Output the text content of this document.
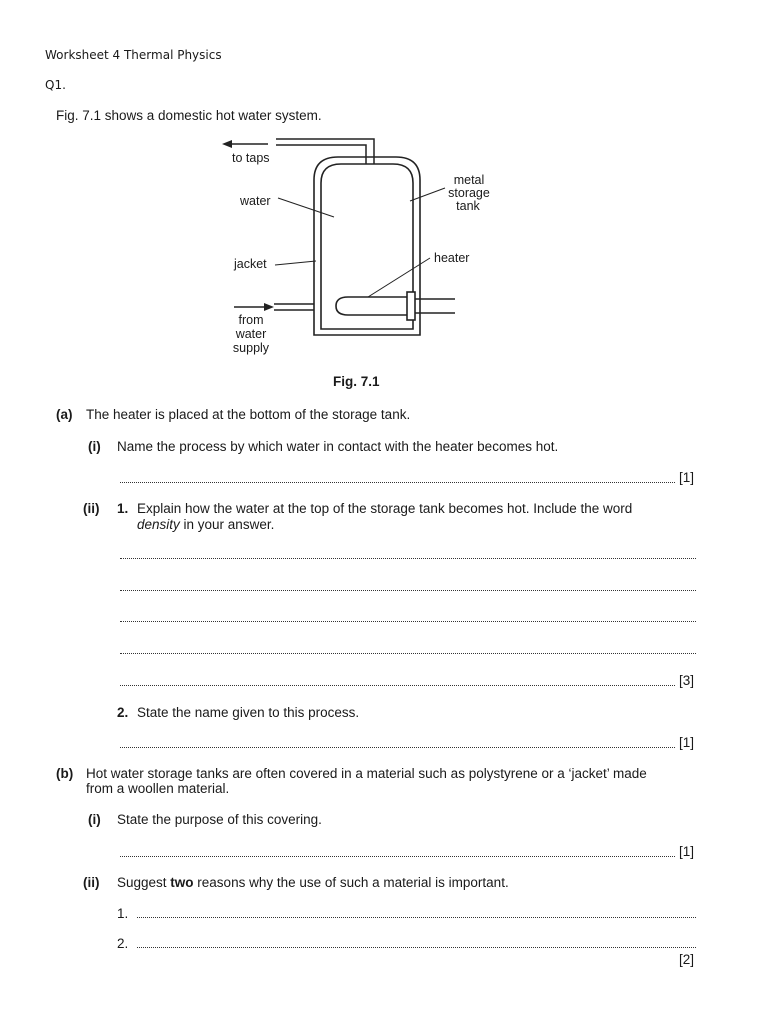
Worksheet 4 Thermal Physics
Q1.
Fig. 7.1 shows a domestic hot water system.
to taps
water
metal
storage
tank
jacket	heater
from
water
supply
Fig. 7.1
(a) The heater is placed at the bottom of the storage tank.
(i) Name the process by which water in contact with the heater becomes hot.
[1]
(ii) 1. Explain how the water at the top of the storage tank becomes hot. Include the word
density in your answer.
[3]
2. State the name given to this process.
[1]
(b) Hot water storage tanks are often covered in a material such as polystyrene or a ‘jacket’ made
from a woollen material.
(i) State the purpose of this covering.
[1]
(ii) Suggest two reasons why the use of such a material is important.
1.
2.
[2]
